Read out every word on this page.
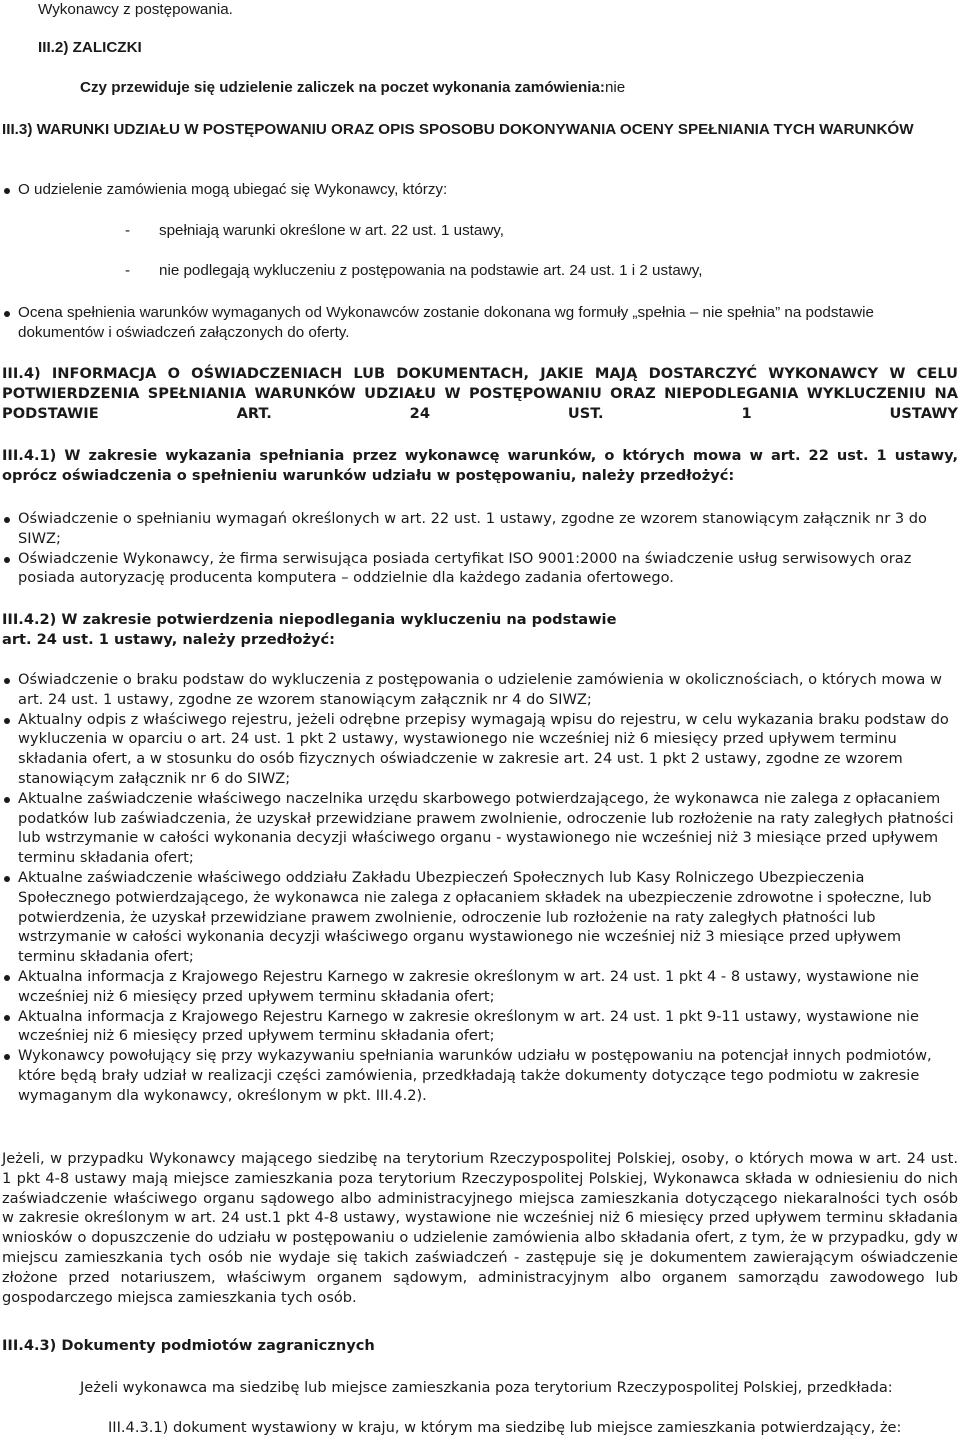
Wykonawcy z postępowania.
III.2) ZALICZKI
Czy przewiduje się udzielenie zaliczek na poczet wykonania zamówienia:nie
III.3) WARUNKI UDZIAŁU W POSTĘPOWANIU ORAZ OPIS SPOSOBU DOKONYWANIA OCENY SPEŁNIANIA TYCH WARUNKÓW
O udzielenie zamówienia mogą ubiegać się Wykonawcy, którzy:
- spełniają warunki określone w art. 22 ust. 1 ustawy,
- nie podlegają wykluczeniu z postępowania na podstawie art. 24 ust. 1 i 2 ustawy,
Ocena spełnienia warunków wymaganych od Wykonawców zostanie dokonana wg formuły „spełnia – nie spełnia” na podstawie dokumentów i oświadczeń załączonych do oferty.
III.4) INFORMACJA O OŚWIADCZENIACH LUB DOKUMENTACH, JAKIE MAJĄ DOSTARCZYĆ WYKONAWCY W CELU POTWIERDZENIA SPEŁNIANIA WARUNKÓW UDZIAŁU W POSTĘPOWANIU ORAZ NIEPODLEGANIA WYKLUCZENIU NA PODSTAWIE ART. 24 UST. 1 USTAWY
III.4.1) W zakresie wykazania spełniania przez wykonawcę warunków, o których mowa w art. 22 ust. 1 ustawy, oprócz oświadczenia o spełnieniu warunków udziału w postępowaniu, należy przedłożyć:
Oświadczenie o spełnianiu wymagań określonych w art. 22 ust. 1 ustawy, zgodne ze wzorem stanowiącym załącznik nr 3 do SIWZ;
Oświadczenie Wykonawcy, że firma serwisująca posiada certyfikat ISO 9001:2000 na świadczenie usług serwisowych oraz posiada autoryzację producenta komputera – oddzielnie dla każdego zadania ofertowego.
III.4.2) W zakresie potwierdzenia niepodlegania wykluczeniu na podstawie
art. 24 ust. 1 ustawy, należy przedłożyć:
Oświadczenie o braku podstaw do wykluczenia z postępowania o udzielenie zamówienia w okolicznościach, o których mowa w art. 24 ust. 1 ustawy, zgodne ze wzorem stanowiącym załącznik nr 4 do SIWZ;
Aktualny odpis z właściwego rejestru, jeżeli odrębne przepisy wymagają wpisu do rejestru, w celu wykazania braku podstaw do wykluczenia w oparciu o art. 24 ust. 1 pkt 2 ustawy, wystawionego nie wcześniej niż 6 miesięcy przed upływem terminu składania ofert, a w stosunku do osób fizycznych oświadczenie w zakresie art. 24 ust. 1 pkt 2 ustawy, zgodne ze wzorem stanowiącym załącznik nr 6 do SIWZ;
Aktualne zaświadczenie właściwego naczelnika urzędu skarbowego potwierdzającego, że wykonawca nie zalega z opłacaniem podatków lub zaświadczenia, że uzyskał przewidziane prawem zwolnienie, odroczenie lub rozłożenie na raty zaległych płatności lub wstrzymanie w całości wykonania decyzji właściwego organu - wystawionego nie wcześniej niż 3 miesiące przed upływem terminu składania ofert;
Aktualne zaświadczenie właściwego oddziału Zakładu Ubezpieczeń Społecznych lub Kasy Rolniczego Ubezpieczenia Społecznego potwierdzającego, że wykonawca nie zalega z opłacaniem składek na ubezpieczenie zdrowotne i społeczne, lub potwierdzenia, że uzyskał przewidziane prawem zwolnienie, odroczenie lub rozłożenie na raty zaległych płatności lub wstrzymanie w całości wykonania decyzji właściwego organu wystawionego nie wcześniej niż 3 miesiące przed upływem terminu składania ofert;
Aktualna informacja z Krajowego Rejestru Karnego w zakresie określonym w art. 24 ust. 1 pkt 4 - 8 ustawy, wystawione nie wcześniej niż 6 miesięcy przed upływem terminu składania ofert;
Aktualna informacja z Krajowego Rejestru Karnego w zakresie określonym w art. 24 ust. 1 pkt 9-11 ustawy, wystawione nie wcześniej niż 6 miesięcy przed upływem terminu składania ofert;
Wykonawcy powołujący się przy wykazywaniu spełniania warunków udziału w postępowaniu na potencjał innych podmiotów, które będą brały udział w realizacji części zamówienia, przedkładają także dokumenty dotyczące tego podmiotu w zakresie wymaganym dla wykonawcy, określonym w pkt. III.4.2).
Jeżeli, w przypadku Wykonawcy mającego siedzibę na terytorium Rzeczypospolitej Polskiej, osoby, o których mowa w art. 24 ust. 1 pkt 4-8 ustawy mają miejsce zamieszkania poza terytorium Rzeczypospolitej Polskiej, Wykonawca składa w odniesieniu do nich zaświadczenie właściwego organu sądowego albo administracyjnego miejsca zamieszkania dotyczącego niekaralności tych osób w zakresie określonym w art. 24 ust.1 pkt 4-8 ustawy, wystawione nie wcześniej niż 6 miesięcy przed upływem terminu składania wniosków o dopuszczenie do udziału w postępowaniu o udzielenie zamówienia albo składania ofert, z tym, że w przypadku, gdy w miejscu zamieszkania tych osób nie wydaje się takich zaświadczeń - zastępuje się je dokumentem zawierającym oświadczenie złożone przed notariuszem, właściwym organem sądowym, administracyjnym albo organem samorządu zawodowego lub gospodarczego miejsca zamieszkania tych osób.
III.4.3) Dokumenty podmiotów zagranicznych
Jeżeli wykonawca ma siedzibę lub miejsce zamieszkania poza terytorium Rzeczypospolitej Polskiej, przedkłada:
III.4.3.1) dokument wystawiony w kraju, w którym ma siedzibę lub miejsce zamieszkania potwierdzający, że:
